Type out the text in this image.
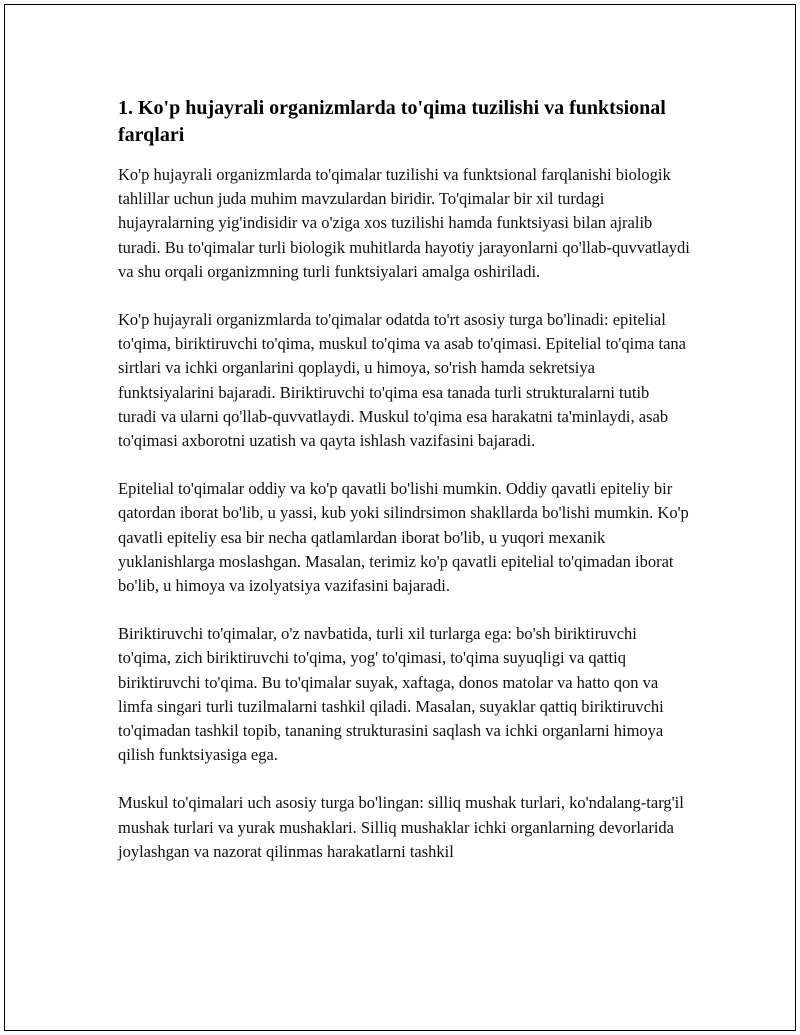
1. Ko'p hujayrali organizmlarda to'qima tuzilishi va funktsional farqlari

Ko'p hujayrali organizmlarda to'qimalar tuzilishi va funktsional farqlanishi biologik tahlillar uchun juda muhim mavzulardan biridir. To'qimalar bir xil turdagi hujayralarning yig'indisidir va o'ziga xos tuzilishi hamda funktsiyasi bilan ajralib turadi. Bu to'qimalar turli biologik muhitlarda hayotiy jarayonlarni qo'llab-quvvatlaydi va shu orqali organizmning turli funktsiyalari amalga oshiriladi.

Ko'p hujayrali organizmlarda to'qimalar odatda to'rt asosiy turga bo'linadi: epitelial to'qima, biriktiruvchi to'qima, muskul to'qima va asab to'qimasi. Epitelial to'qima tana sirtlari va ichki organlarini qoplaydi, u himoya, so'rish hamda sekretsiya funktsiyalarini bajaradi. Biriktiruvchi to'qima esa tanada turli strukturalarni tutib turadi va ularni qo'llab-quvvatlaydi. Muskul to'qima esa harakatni ta'minlaydi, asab to'qimasi axborotni uzatish va qayta ishlash vazifasini bajaradi.

Epitelial to'qimalar oddiy va ko'p qavatli bo'lishi mumkin. Oddiy qavatli epiteliy bir qatordan iborat bo'lib, u yassi, kub yoki silindrsimon shakllarda bo'lishi mumkin. Ko'p qavatli epiteliy esa bir necha qatlamlardan iborat bo'lib, u yuqori mexanik yuklanishlarga moslashgan. Masalan, terimiz ko'p qavatli epitelial to'qimadan iborat bo'lib, u himoya va izolyatsiya vazifasini bajaradi.

Biriktiruvchi to'qimalar, o'z navbatida, turli xil turlarga ega: bo'sh biriktiruvchi to'qima, zich biriktiruvchi to'qima, yog' to'qimasi, to'qima suyuqligi va qattiq biriktiruvchi to'qima. Bu to'qimalar suyak, xaftaga, donos matolar va hatto qon va limfa singari turli tuzilmalarni tashkil qiladi. Masalan, suyaklar qattiq biriktiruvchi to'qimadan tashkil topib, tananing strukturasini saqlash va ichki organlarni himoya qilish funktsiyasiga ega.

Muskul to'qimalari uch asosiy turga bo'lingan: silliq mushak turlari, ko'ndalang-targ'il mushak turlari va yurak mushaklari. Silliq mushaklar ichki organlarning devorlarida joylashgan va nazorat qilinmas harakatlarni tashkil
